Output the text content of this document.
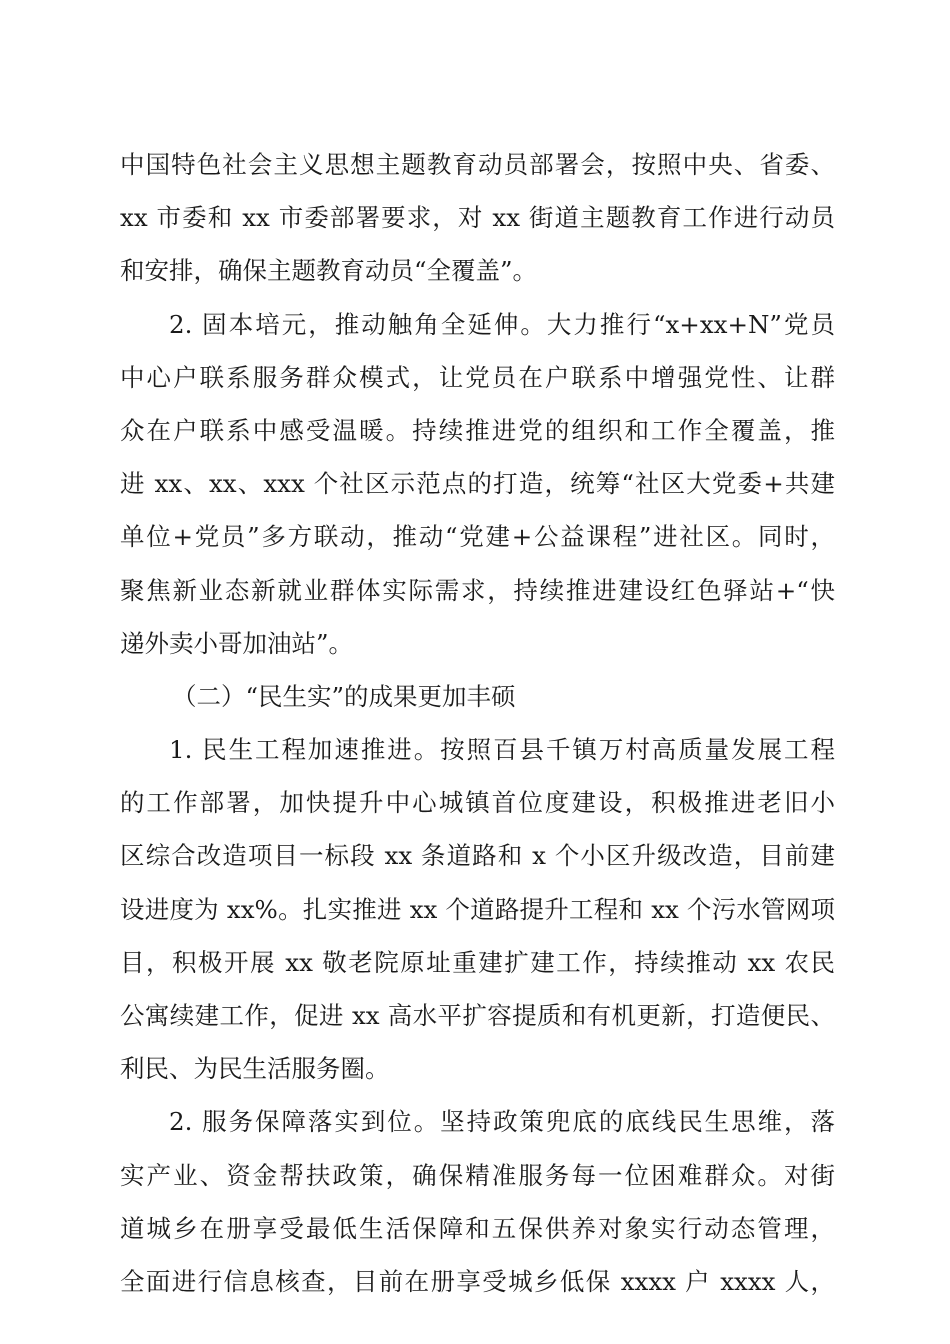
中国特色社会主义思想主题教育动员部署会，按照中央、省委、
xx 市委和 xx 市委部署要求，对 xx 街道主题教育工作进行动员
和安排，确保主题教育动员“全覆盖”。
2. 固本培元，推动触角全延伸。大力推行“x+xx+N”党员
中心户联系服务群众模式，让党员在户联系中增强党性、让群
众在户联系中感受温暖。持续推进党的组织和工作全覆盖，推
进 xx、xx、xxx 个社区示范点的打造，统筹“社区大党委+共建
单位+党员”多方联动，推动“党建+公益课程”进社区。同时，
聚焦新业态新就业群体实际需求，持续推进建设红色驿站+“快
递外卖小哥加油站”。
（二）“民生实”的成果更加丰硕
1. 民生工程加速推进。按照百县千镇万村高质量发展工程
的工作部署，加快提升中心城镇首位度建设，积极推进老旧小
区综合改造项目一标段 xx 条道路和 x 个小区升级改造，目前建
设进度为 xx%。扎实推进 xx 个道路提升工程和 xx 个污水管网项
目，积极开展 xx 敬老院原址重建扩建工作，持续推动 xx 农民
公寓续建工作，促进 xx 高水平扩容提质和有机更新，打造便民、
利民、为民生活服务圈。
2. 服务保障落实到位。坚持政策兜底的底线民生思维，落
实产业、资金帮扶政策，确保精准服务每一位困难群众。对街
道城乡在册享受最低生活保障和五保供养对象实行动态管理，
全面进行信息核查，目前在册享受城乡低保 xxxx 户 xxxx 人，
